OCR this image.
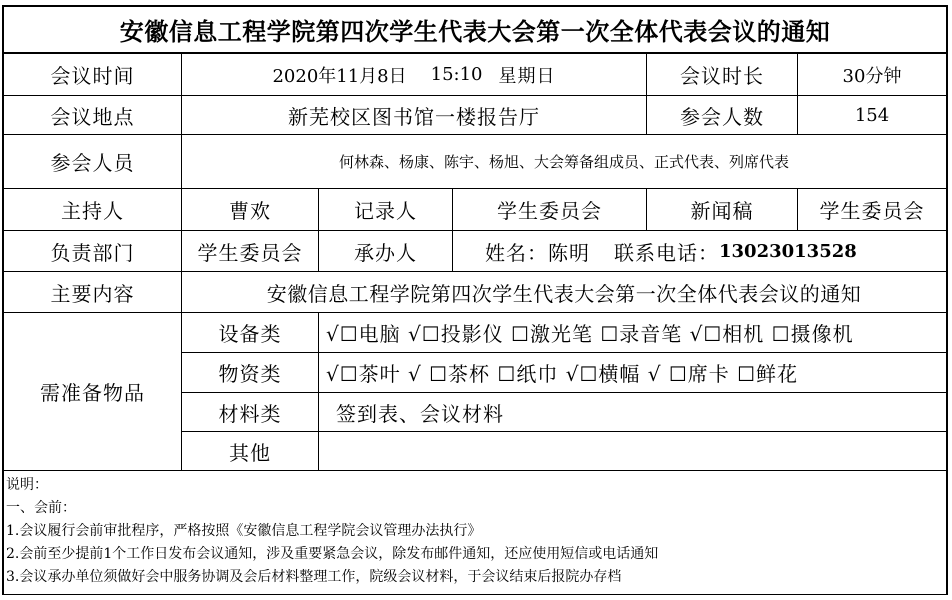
安徽信息工程学院第四次学生代表大会第一次全体代表会议的通知
会议时间	2020年11月8日 15:10 星期日	会议时长	30分钟
会议地点	新芜校区图书馆一楼报告厅	参会人数	154
参会人员	何林森、杨康、陈宇、杨旭、大会筹备组成员、正式代表、列席代表
主持人	曹欢	记录人	学生委员会	新闻稿	学生委员会
负责部门	学生委员会	承办人	姓名： 陈明 联系电话： 13023013528
主要内容	安徽信息工程学院第四次学生代表大会第一次全体代表会议的通知
需准备物品
设备类	√☐电脑 √☐投影仪 ☐激光笔 ☐录音笔 √☐相机 ☐摄像机
物资类	√☐茶叶 √ ☐茶杯 ☐纸巾 √☐横幅 √ ☐席卡 ☐鲜花
材料类	签到表、会议材料
其他
说明：
一、会前：
1.会议履行会前审批程序，严格按照《安徽信息工程学院会议管理办法执行》
2.会前至少提前1个工作日发布会议通知，涉及重要紧急会议，除发布邮件通知，还应使用短信或电话通知
3.会议承办单位须做好会中服务协调及会后材料整理工作，院级会议材料，于会议结束后报院办存档
